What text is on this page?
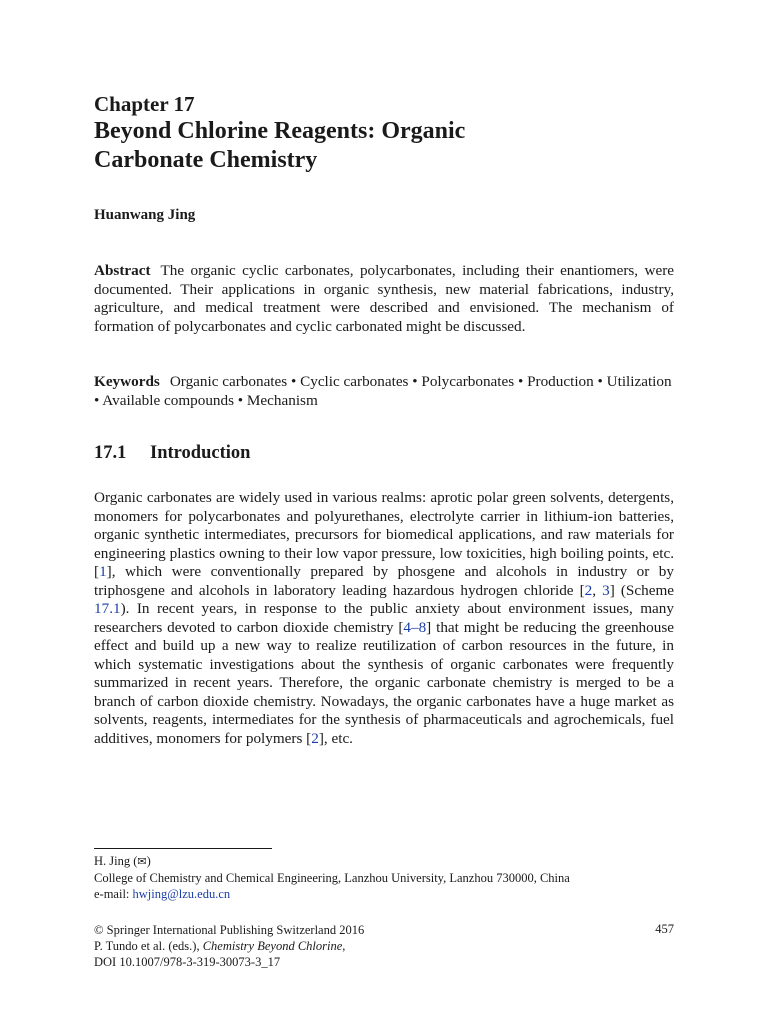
Chapter 17
Beyond Chlorine Reagents: Organic
Carbonate Chemistry
Huanwang Jing
Abstract The organic cyclic carbonates, polycarbonates, including their enantiomers, were documented. Their applications in organic synthesis, new material fabrications, industry, agriculture, and medical treatment were described and envisioned. The mechanism of formation of polycarbonates and cyclic carbonated might be discussed.
Keywords Organic carbonates • Cyclic carbonates • Polycarbonates • Production • Utilization • Available compounds • Mechanism
17.1 Introduction
Organic carbonates are widely used in various realms: aprotic polar green solvents, detergents, monomers for polycarbonates and polyurethanes, electrolyte carrier in lithium-ion batteries, organic synthetic intermediates, precursors for biomedical applications, and raw materials for engineering plastics owning to their low vapor pressure, low toxicities, high boiling points, etc. [1], which were conventionally prepared by phosgene and alcohols in industry or by triphosgene and alcohols in laboratory leading hazardous hydrogen chloride [2, 3] (Scheme 17.1). In recent years, in response to the public anxiety about environment issues, many researchers devoted to carbon dioxide chemistry [4–8] that might be reducing the greenhouse effect and build up a new way to realize reutilization of carbon resources in the future, in which systematic investigations about the synthesis of organic carbonates were frequently summarized in recent years. Therefore, the organic carbonate chemistry is merged to be a branch of carbon dioxide chemistry. Nowadays, the organic carbonates have a huge market as solvents, reagents, intermediates for the synthesis of pharmaceuticals and agrochemicals, fuel additives, monomers for polymers [2], etc.
H. Jing (✉)
College of Chemistry and Chemical Engineering, Lanzhou University, Lanzhou 730000, China
e-mail: hwjing@lzu.edu.cn
© Springer International Publishing Switzerland 2016
P. Tundo et al. (eds.), Chemistry Beyond Chlorine,
DOI 10.1007/978-3-319-30073-3_17
457
